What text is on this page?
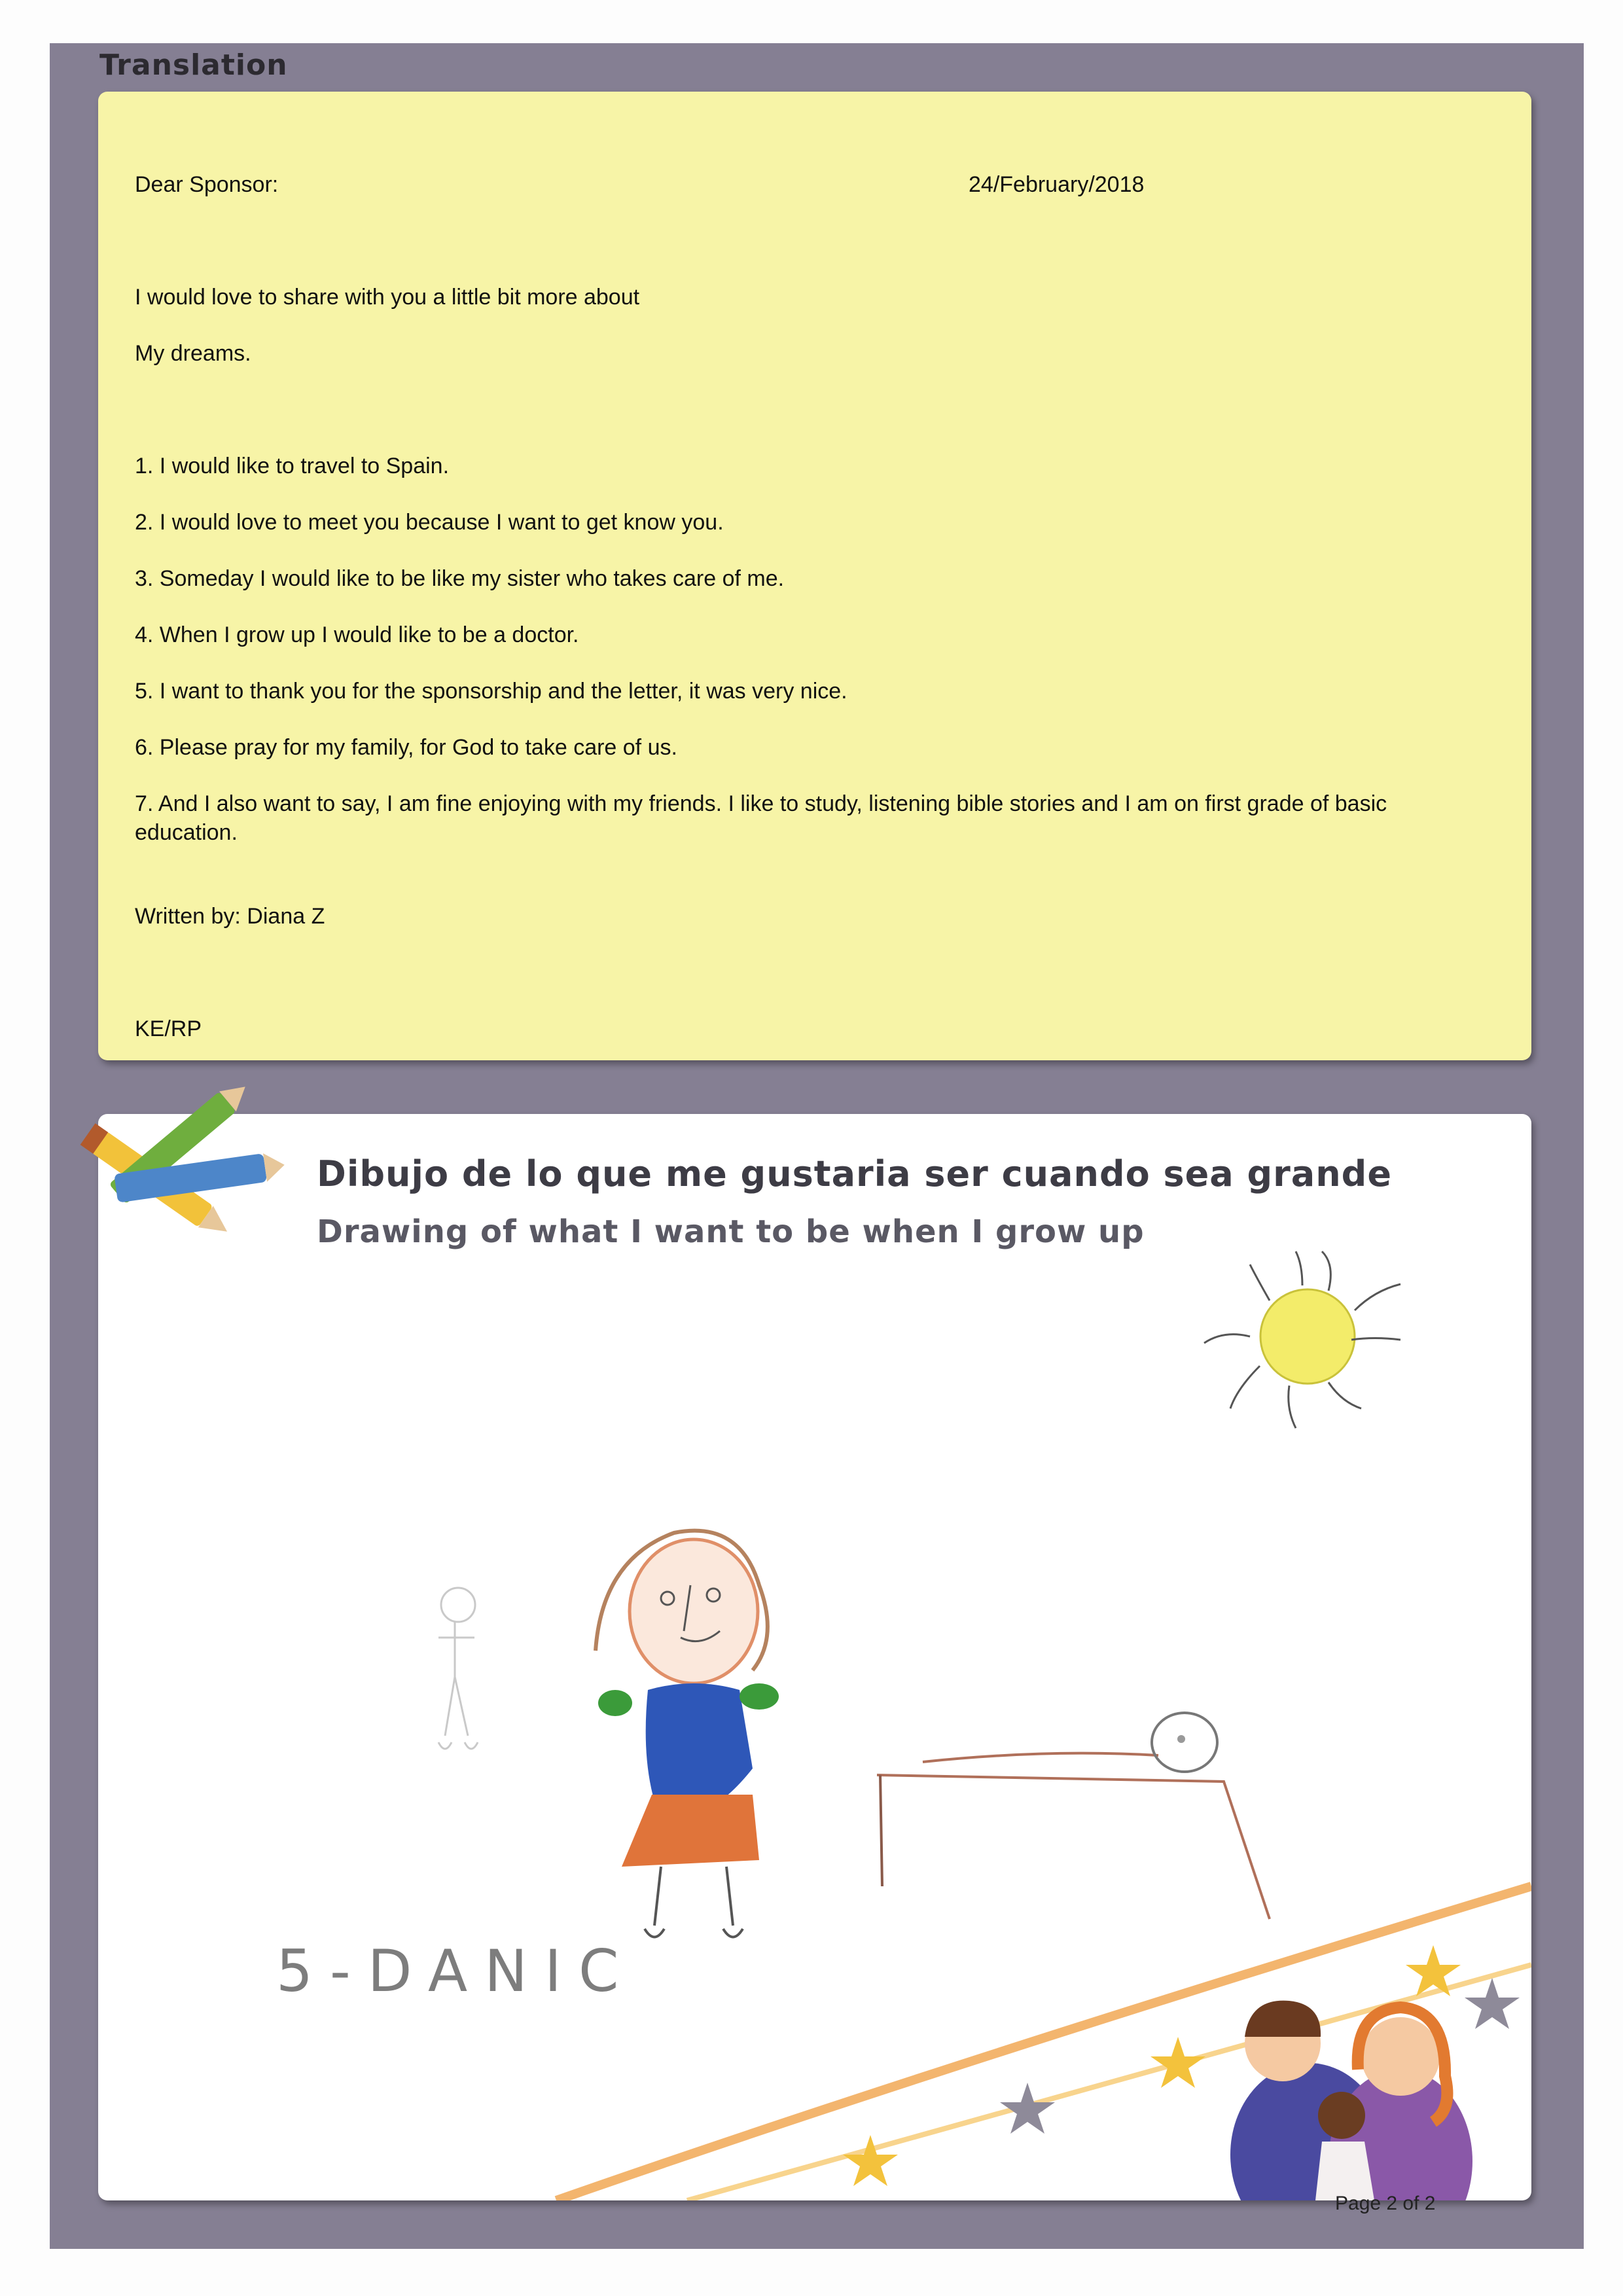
Translation
Dear Sponsor:	24/February/2018
I would love to share with you a little bit more about
My dreams.
1. I would like to travel to Spain.
2. I would love to meet you because I want to get know you.
3. Someday I would like to be like my sister who takes care of me.
4. When I grow up I would like to be a doctor.
5. I want to thank you for the sponsorship and the letter, it was very nice.
6. Please pray for my family, for God to take care of us.
7. And I also want to say, I am fine enjoying with my friends. I like to study, listening bible stories and I am on first grade of basic education.
Written by: Diana Z
KE/RP
Dibujo de lo que me gustaria ser cuando sea grande
Drawing of what I want to be when I grow up
5-DANIC
Page 2 of 2
